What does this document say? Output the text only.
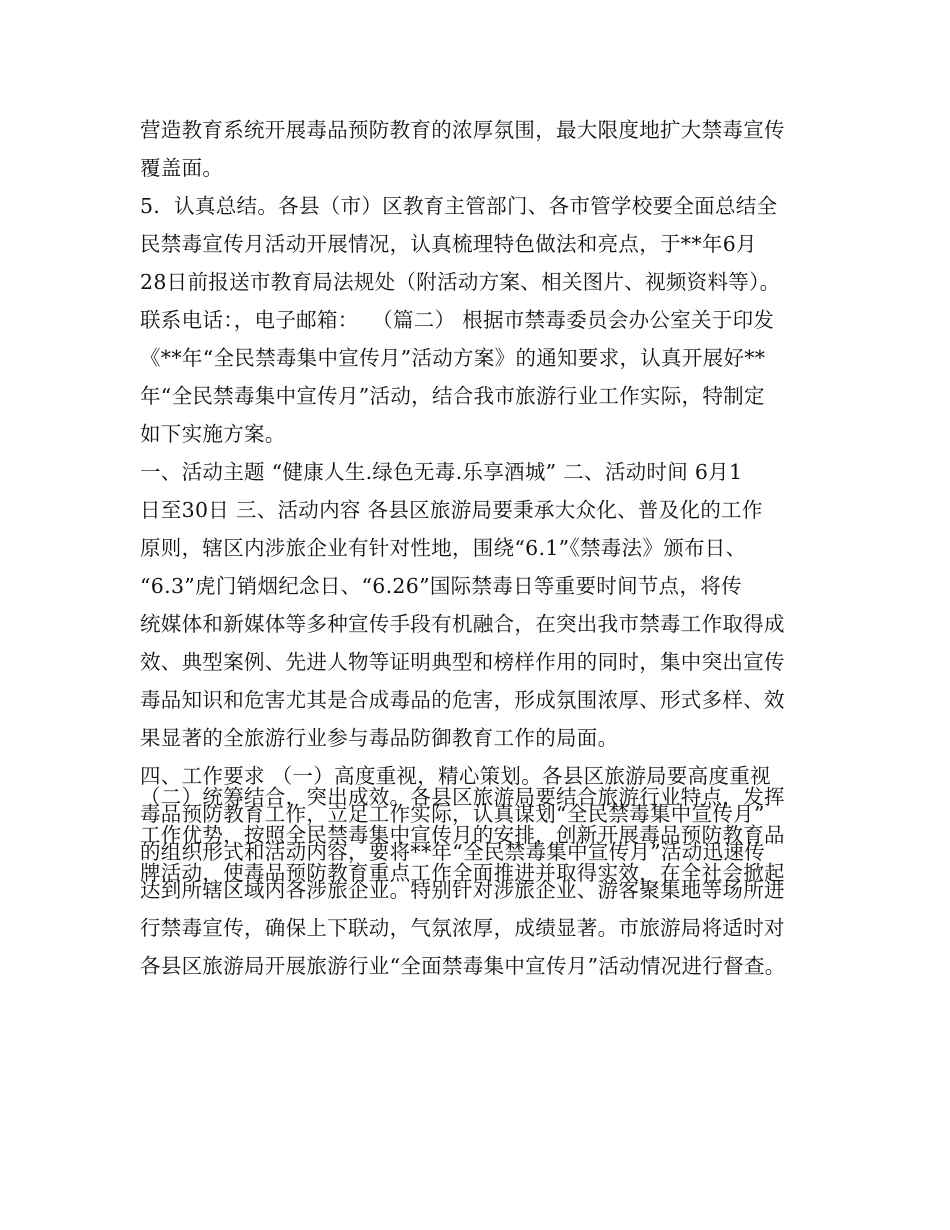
营造教育系统开展毒品预防教育的浓厚氛围，最大限度地扩大禁毒宣传
覆盖面。
5．认真总结。各县（市）区教育主管部门、各市管学校要全面总结全
民禁毒宣传月活动开展情况，认真梳理特色做法和亮点，于**年6月
28日前报送市教育局法规处（附活动方案、相关图片、视频资料等）。
联系电话：，电子邮箱：  （篇二） 根据市禁毒委员会办公室关于印发
《**年“全民禁毒集中宣传月”活动方案》的通知要求，认真开展好**
年“全民禁毒集中宣传月”活动，结合我市旅游行业工作实际，特制定
如下实施方案。
一、活动主题 “健康人生.绿色无毒.乐享酒城” 二、活动时间 6月1
日至30日 三、活动内容 各县区旅游局要秉承大众化、普及化的工作
原则，辖区内涉旅企业有针对性地，围绕“6.1”《禁毒法》颁布日、
“6.3”虎门销烟纪念日、“6.26”国际禁毒日等重要时间节点，将传
统媒体和新媒体等多种宣传手段有机融合，在突出我市禁毒工作取得成
效、典型案例、先进人物等证明典型和榜样作用的同时，集中突出宣传
毒品知识和危害尤其是合成毒品的危害，形成氛围浓厚、形式多样、效
果显著的全旅游行业参与毒品防御教育工作的局面。
四、工作要求 （一）高度重视，精心策划。各县区旅游局要高度重视
毒品预防教育工作，立足工作实际，认真谋划“全民禁毒集中宣传月”
的组织形式和活动内容，要将**年“全民禁毒集中宣传月”活动迅速传
达到所辖区域内各涉旅企业。特别针对涉旅企业、游客聚集地等场所进
行禁毒宣传，确保上下联动，气氛浓厚，成绩显著。市旅游局将适时对
各县区旅游局开展旅游行业“全面禁毒集中宣传月”活动情况进行督查。
（二）统筹结合，突出成效。各县区旅游局要结合旅游行业特点，发挥
工作优势，按照全民禁毒集中宣传月的安排，创新开展毒品预防教育品
牌活动，使毒品预防教育重点工作全面推进并取得实效，在全社会掀起
